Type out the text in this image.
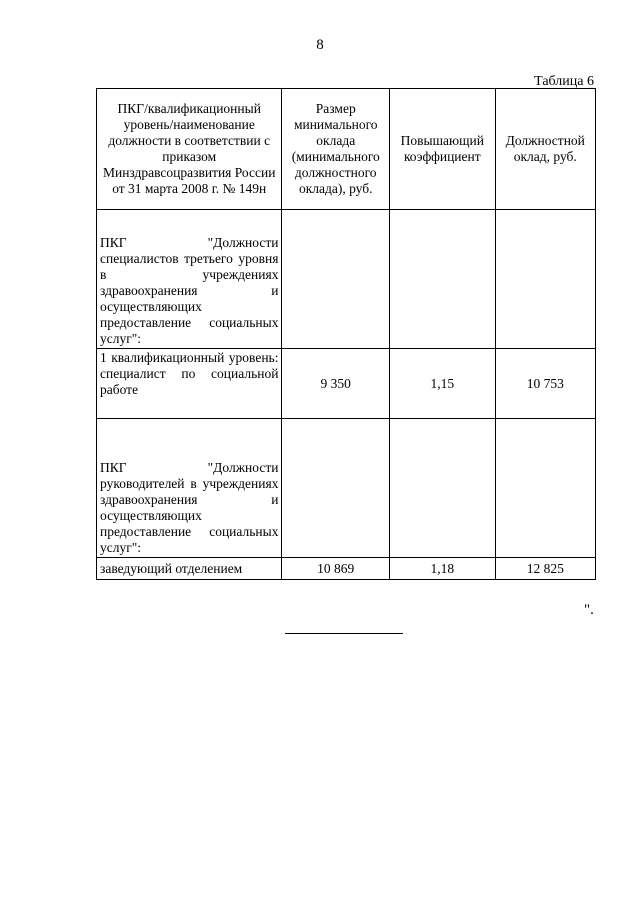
8
Таблица 6
ПКГ/квалификационный уровень/наименование должности в соответствии с приказом Минздравсоцразвития России от 31 марта 2008 г. № 149н	Размер минимального оклада (минимального должностного оклада), руб.	Повышающий коэффициент	Должностной оклад, руб.
ПКГ "Должности специалистов третьего уровня в учреждениях здравоохранения и осуществляющих предоставление социальных услуг":			
1 квалификационный уровень: специалист по социальной работе	9 350	1,15	10 753
ПКГ "Должности руководителей в учреждениях здравоохранения и осуществляющих предоставление социальных услуг":			
заведующий отделением	10 869	1,18	12 825
".
